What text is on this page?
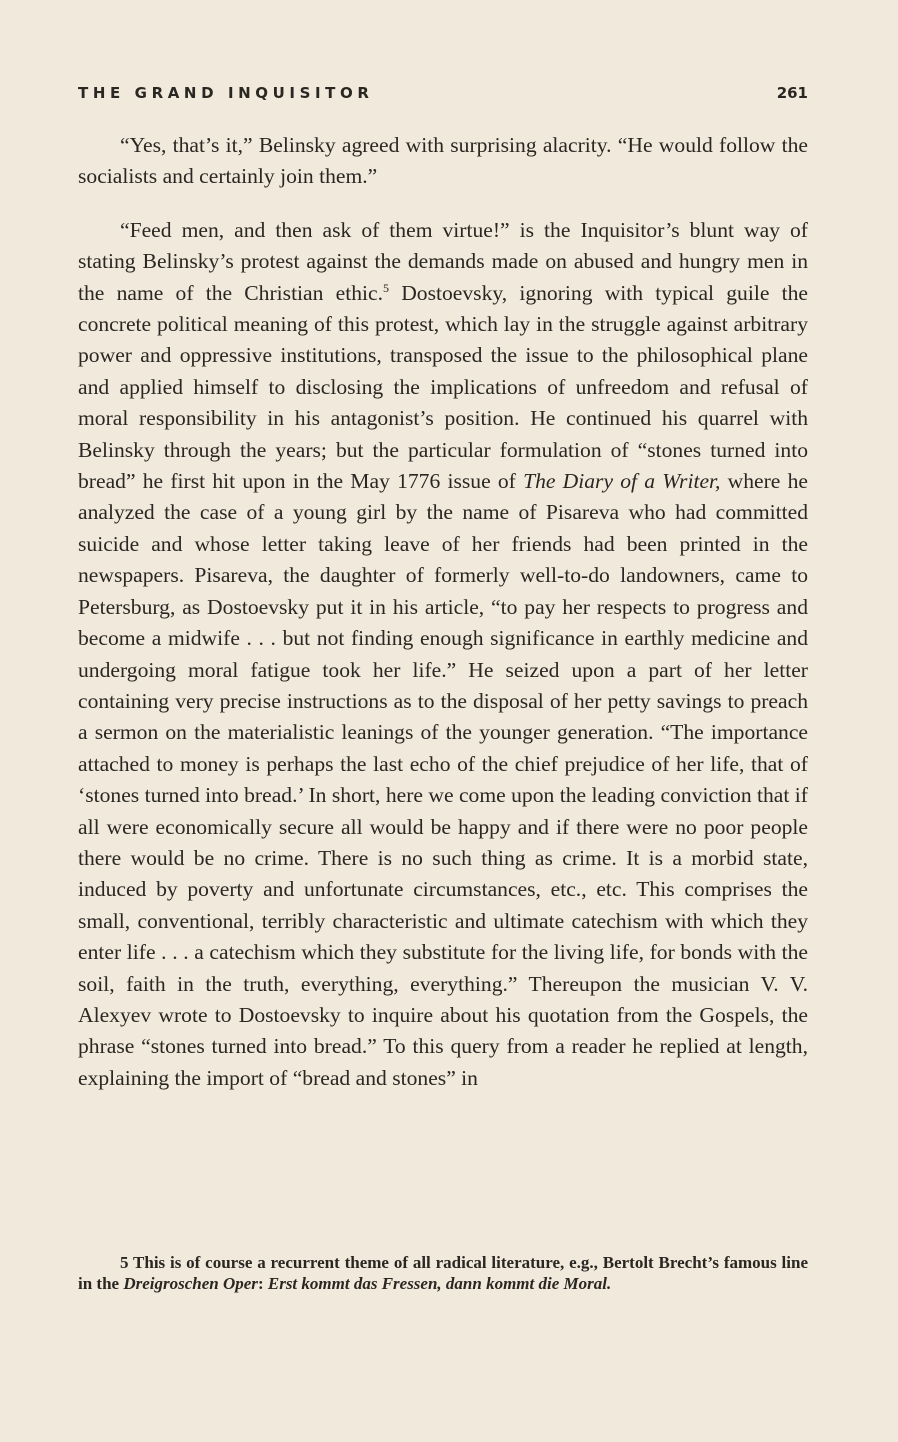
THE GRAND INQUISITOR	261

“Yes, that’s it,” Belinsky agreed with surprising alacrity. “He would follow the socialists and certainly join them.”

“Feed men, and then ask of them virtue!” is the Inquisitor’s blunt way of stating Belinsky’s protest against the demands made on abused and hungry men in the name of the Christian ethic.$^5$ Dostoevsky, ignoring with typical guile the concrete political meaning of this protest, which lay in the struggle against arbitrary power and oppressive institutions, transposed the issue to the philosophical plane and applied himself to disclosing the implications of unfreedom and refusal of moral responsibility in his antagonist’s position. He continued his quarrel with Belinsky through the years; but the particular formulation of “stones turned into bread” he first hit upon in the May 1776 issue of The Diary of a Writer, where he analyzed the case of a young girl by the name of Pisareva who had committed suicide and whose letter taking leave of her friends had been printed in the newspapers. Pisareva, the daughter of formerly well-to-do landowners, came to Petersburg, as Dostoevsky put it in his article, “to pay her respects to progress and become a midwife . . . but not finding enough significance in earthly medicine and undergoing moral fatigue took her life.” He seized upon a part of her letter containing very precise instructions as to the disposal of her petty savings to preach a sermon on the materialistic leanings of the younger generation. “The importance attached to money is perhaps the last echo of the chief prejudice of her life, that of ‘stones turned into bread.’ In short, here we come upon the leading conviction that if all were economically secure all would be happy and if there were no poor people there would be no crime. There is no such thing as crime. It is a morbid state, induced by poverty and unfortunate circumstances, etc., etc. This comprises the small, conventional, terribly characteristic and ultimate catechism with which they enter life . . . a catechism which they substitute for the living life, for bonds with the soil, faith in the truth, everything, everything.” Thereupon the musician V. V. Alexyev wrote to Dostoevsky to inquire about his quotation from the Gospels, the phrase “stones turned into bread.” To this query from a reader he replied at length, explaining the import of “bread and stones” in

5 This is of course a recurrent theme of all radical literature, e.g., Bertolt Brecht’s famous line in the Dreigroschen Oper: Erst kommt das Fressen, dann kommt die Moral.
